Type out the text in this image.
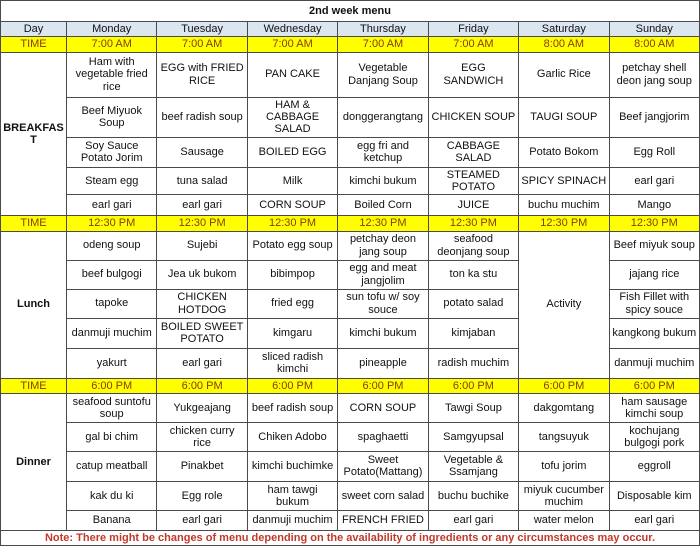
2nd week menu							
Day	Monday	Tuesday	Wednesday	Thursday	Friday	Saturday	Sunday
TIME	7:00 AM	7:00 AM	7:00 AM	7:00 AM	7:00 AM	8:00 AM	8:00 AM
BREAKFAST	Ham with vegetable fried rice	EGG with FRIED RICE	PAN CAKE	Vegetable Danjang Soup	EGG SANDWICH	Garlic Rice	petchay shell deon jang soup
	Beef Miyuok Soup	beef radish soup	HAM & CABBAGE SALAD	donggerangtang	CHICKEN SOUP	TAUGI SOUP	Beef jangjorim
	Soy Sauce Potato Jorim	Sausage	BOILED EGG	egg fri and ketchup	CABBAGE SALAD	Potato Bokom	Egg Roll
	Steam egg	tuna salad	Milk	kimchi bukum	STEAMED POTATO	SPICY SPINACH	earl gari
	earl gari	earl gari	CORN SOUP	Boiled Corn	JUICE	buchu muchim	Mango
TIME	12:30 PM	12:30 PM	12:30 PM	12:30 PM	12:30 PM	12:30 PM	12:30 PM
Lunch	odeng soup	Sujebi	Potato egg soup	petchay deon jang soup	seafood deonjang soup	Activity	Beef miyuk soup
	beef bulgogi	Jea uk bukom	bibimpop	egg and meat jangjolim	ton ka stu		jajang rice
	tapoke	CHICKEN HOTDOG	fried egg	sun tofu w/ soy souce	potato salad		Fish Fillet with spicy souce
	danmuji muchim	BOILED SWEET POTATO	kimgaru	kimchi bukum	kimjaban		kangkong bukum
	yakurt	earl gari	sliced radish kimchi	pineapple	radish muchim		danmuji muchim
TIME	6:00 PM	6:00 PM	6:00 PM	6:00 PM	6:00 PM	6:00 PM	6:00 PM
Dinner	seafood suntofu soup	Yukgeajang	beef radish soup	CORN SOUP	Tawgi Soup	dakgomtang	ham sausage kimchi soup
	gal bi chim	chicken curry rice	Chiken Adobo	spaghaetti	Samgyupsal	tangsuyuk	kochujang bulgogi pork
	catup meatball	Pinakbet	kimchi buchimke	Sweet Potato(Mattang)	Vegetable & Ssamjang	tofu jorim	eggroll
	kak du ki	Egg role	ham tawgi bukum	sweet corn salad	buchu buchike	miyuk cucumber muchim	Disposable kim
	Banana	earl gari	danmuji muchim	FRENCH FRIED	earl gari	water melon	earl gari
Note: There might be changes of menu depending on the availability of ingredients or any circumstances may occur.							
